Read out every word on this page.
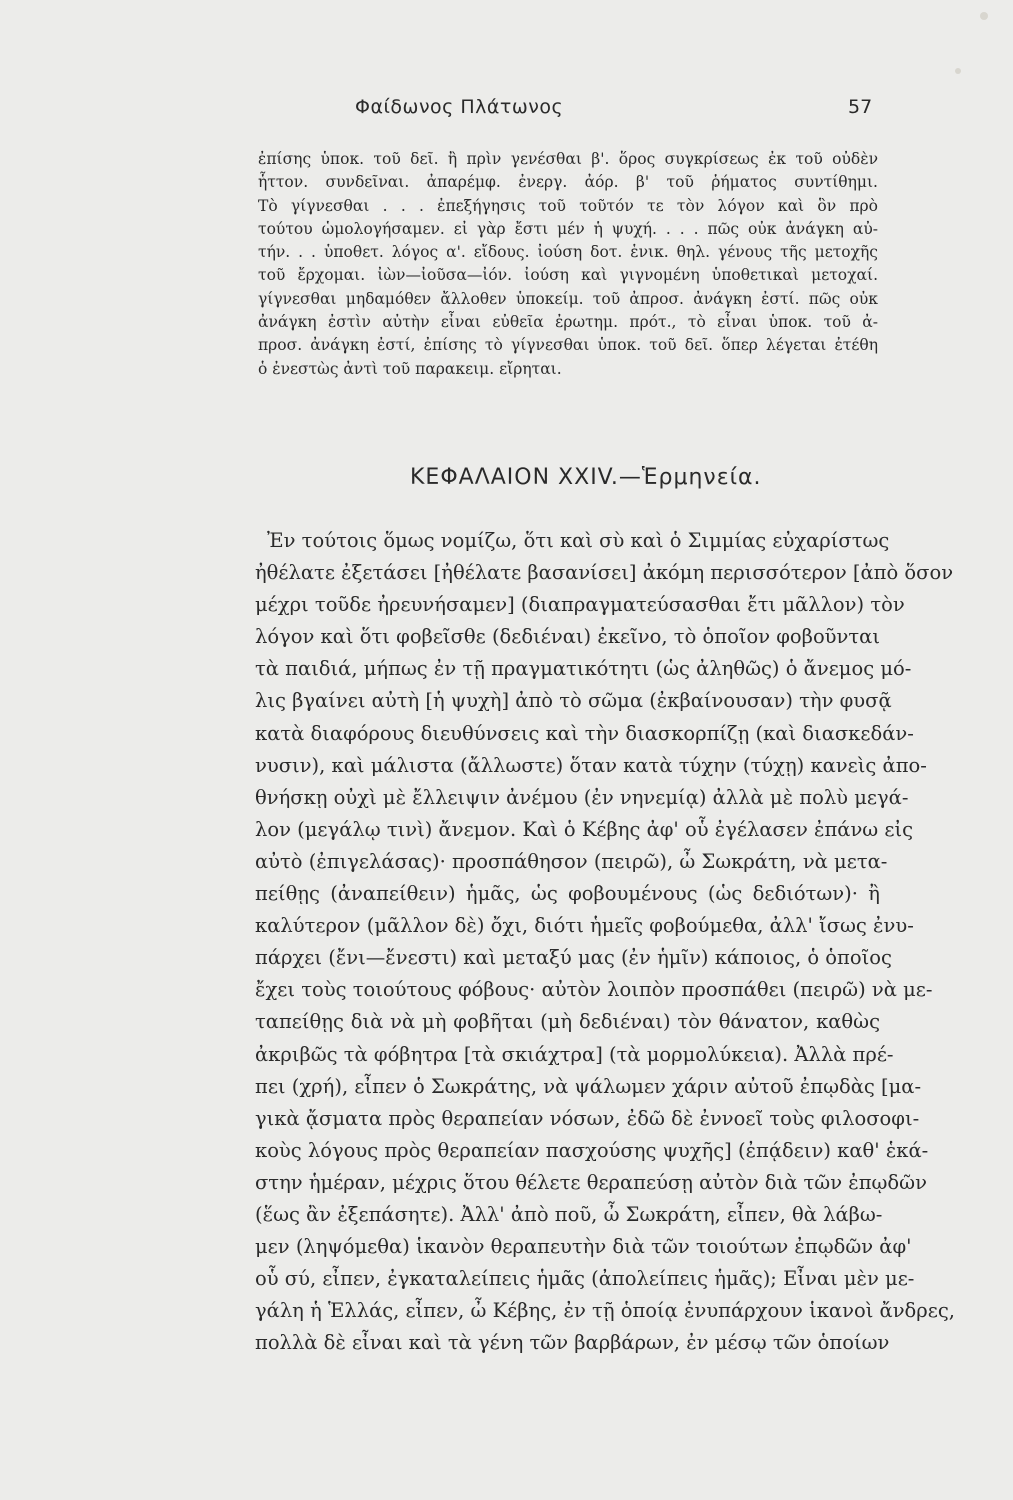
Φαίδωνος Πλάτωνος	57
ἐπίσης ὑποκ. τοῦ δεῖ. ἢ πρὶν γενέσθαι β'. ὅρος συγκρίσεως ἐκ τοῦ οὐδὲν
ἧττον. συνδεῖναι. ἀπαρέμφ. ἐνεργ. ἀόρ. β' τοῦ ῥήματος συντίθημι.
Τὸ γίγνεσθαι . . . ἐπεξήγησις τοῦ τοῦτόν τε τὸν λόγον καὶ ὃν πρὸ
τούτου ὡμολογήσαμεν. εἰ γὰρ ἔστι μέν ἡ ψυχή. . . . πῶς οὐκ ἀνάγκη αὐ-
τήν. . . ὑποθετ. λόγος α'. εἴδους. ἰούση δοτ. ἑνικ. θηλ. γένους τῆς μετοχῆς
τοῦ ἔρχομαι. ἰὼν—ἰοῦσα—ἰόν. ἰούση καὶ γιγνομένη ὑποθετικαὶ μετοχαί.
γίγνεσθαι μηδαμόθεν ἄλλοθεν ὑποκείμ. τοῦ ἀπροσ. ἀνάγκη ἐστί. πῶς οὐκ
ἀνάγκη ἐστὶν αὐτὴν εἶναι εὐθεῖα ἐρωτημ. πρότ., τὸ εἶναι ὑποκ. τοῦ ἀ-
προσ. ἀνάγκη ἐστί, ἐπίσης τὸ γίγνεσθαι ὑποκ. τοῦ δεῖ. ὅπερ λέγεται ἐτέθη
ὁ ἐνεστὼς ἀντὶ τοῦ παρακειμ. εἴρηται.
ΚΕΦΑΛΑΙΟΝ XXIV.—Ἑρμηνεία.
Ἐν τούτοις ὅμως νομίζω, ὅτι καὶ σὺ καὶ ὁ Σιμμίας εὐχαρίστως
ἠθέλατε ἐξετάσει [ἠθέλατε βασανίσει] ἀκόμη περισσότερον [ἀπὸ ὅσον
μέχρι τοῦδε ἠρευνήσαμεν] (διαπραγματεύσασθαι ἔτι μᾶλλον) τὸν
λόγον καὶ ὅτι φοβεῖσθε (δεδιέναι) ἐκεῖνο, τὸ ὁποῖον φοβοῦνται
τὰ παιδιά, μήπως ἐν τῇ πραγματικότητι (ὡς ἀληθῶς) ὁ ἄνεμος μό-
λις βγαίνει αὐτὴ [ἡ ψυχὴ] ἀπὸ τὸ σῶμα (ἐκβαίνουσαν) τὴν φυσᾷ
κατὰ διαφόρους διευθύνσεις καὶ τὴν διασκορπίζῃ (καὶ διασκεδάν-
νυσιν), καὶ μάλιστα (ἄλλωστε) ὅταν κατὰ τύχην (τύχῃ) κανεὶς ἀπο-
θνήσκῃ οὐχὶ μὲ ἔλλειψιν ἀνέμου (ἐν νηνεμίᾳ) ἀλλὰ μὲ πολὺ μεγά-
λον (μεγάλῳ τινὶ) ἄνεμον. Καὶ ὁ Κέβης ἀφ' οὗ ἐγέλασεν ἐπάνω εἰς
αὐτὸ (ἐπιγελάσας)· προσπάθησον (πειρῶ), ὦ Σωκράτη, νὰ μετα-
πείθῃς (ἀναπείθειν) ἡμᾶς, ὡς φοβουμένους (ὡς δεδιότων)· ἢ
καλύτερον (μᾶλλον δὲ) ὄχι, διότι ἡμεῖς φοβούμεθα, ἀλλ' ἴσως ἐνυ-
πάρχει (ἔνι—ἔνεστι) καὶ μεταξύ μας (ἐν ἡμῖν) κάποιος, ὁ ὁποῖος
ἔχει τοὺς τοιούτους φόβους· αὐτὸν λοιπὸν προσπάθει (πειρῶ) νὰ με-
ταπείθῃς διὰ νὰ μὴ φοβῆται (μὴ δεδιέναι) τὸν θάνατον, καθὼς
ἀκριβῶς τὰ φόβητρα [τὰ σκιάχτρα] (τὰ μορμολύκεια). Ἀλλὰ πρέ-
πει (χρή), εἶπεν ὁ Σωκράτης, νὰ ψάλωμεν χάριν αὐτοῦ ἐπῳδὰς [μα-
γικὰ ᾄσματα πρὸς θεραπείαν νόσων, ἐδῶ δὲ ἐννοεῖ τοὺς φιλοσοφι-
κοὺς λόγους πρὸς θεραπείαν πασχούσης ψυχῆς] (ἐπᾴδειν) καθ' ἑκά-
στην ἡμέραν, μέχρις ὅτου θέλετε θεραπεύσῃ αὐτὸν διὰ τῶν ἐπῳδῶν
(ἕως ἂν ἐξεπάσητε). Ἀλλ' ἀπὸ ποῦ, ὦ Σωκράτη, εἶπεν, θὰ λάβω-
μεν (ληψόμεθα) ἱκανὸν θεραπευτὴν διὰ τῶν τοιούτων ἐπῳδῶν ἀφ'
οὗ σύ, εἶπεν, ἐγκαταλείπεις ἡμᾶς (ἀπολείπεις ἡμᾶς); Εἶναι μὲν με-
γάλη ἡ Ἑλλάς, εἶπεν, ὦ Κέβης, ἐν τῇ ὁποίᾳ ἐνυπάρχουν ἱκανοὶ ἄνδρες,
πολλὰ δὲ εἶναι καὶ τὰ γένη τῶν βαρβάρων, ἐν μέσῳ τῶν ὁποίων
